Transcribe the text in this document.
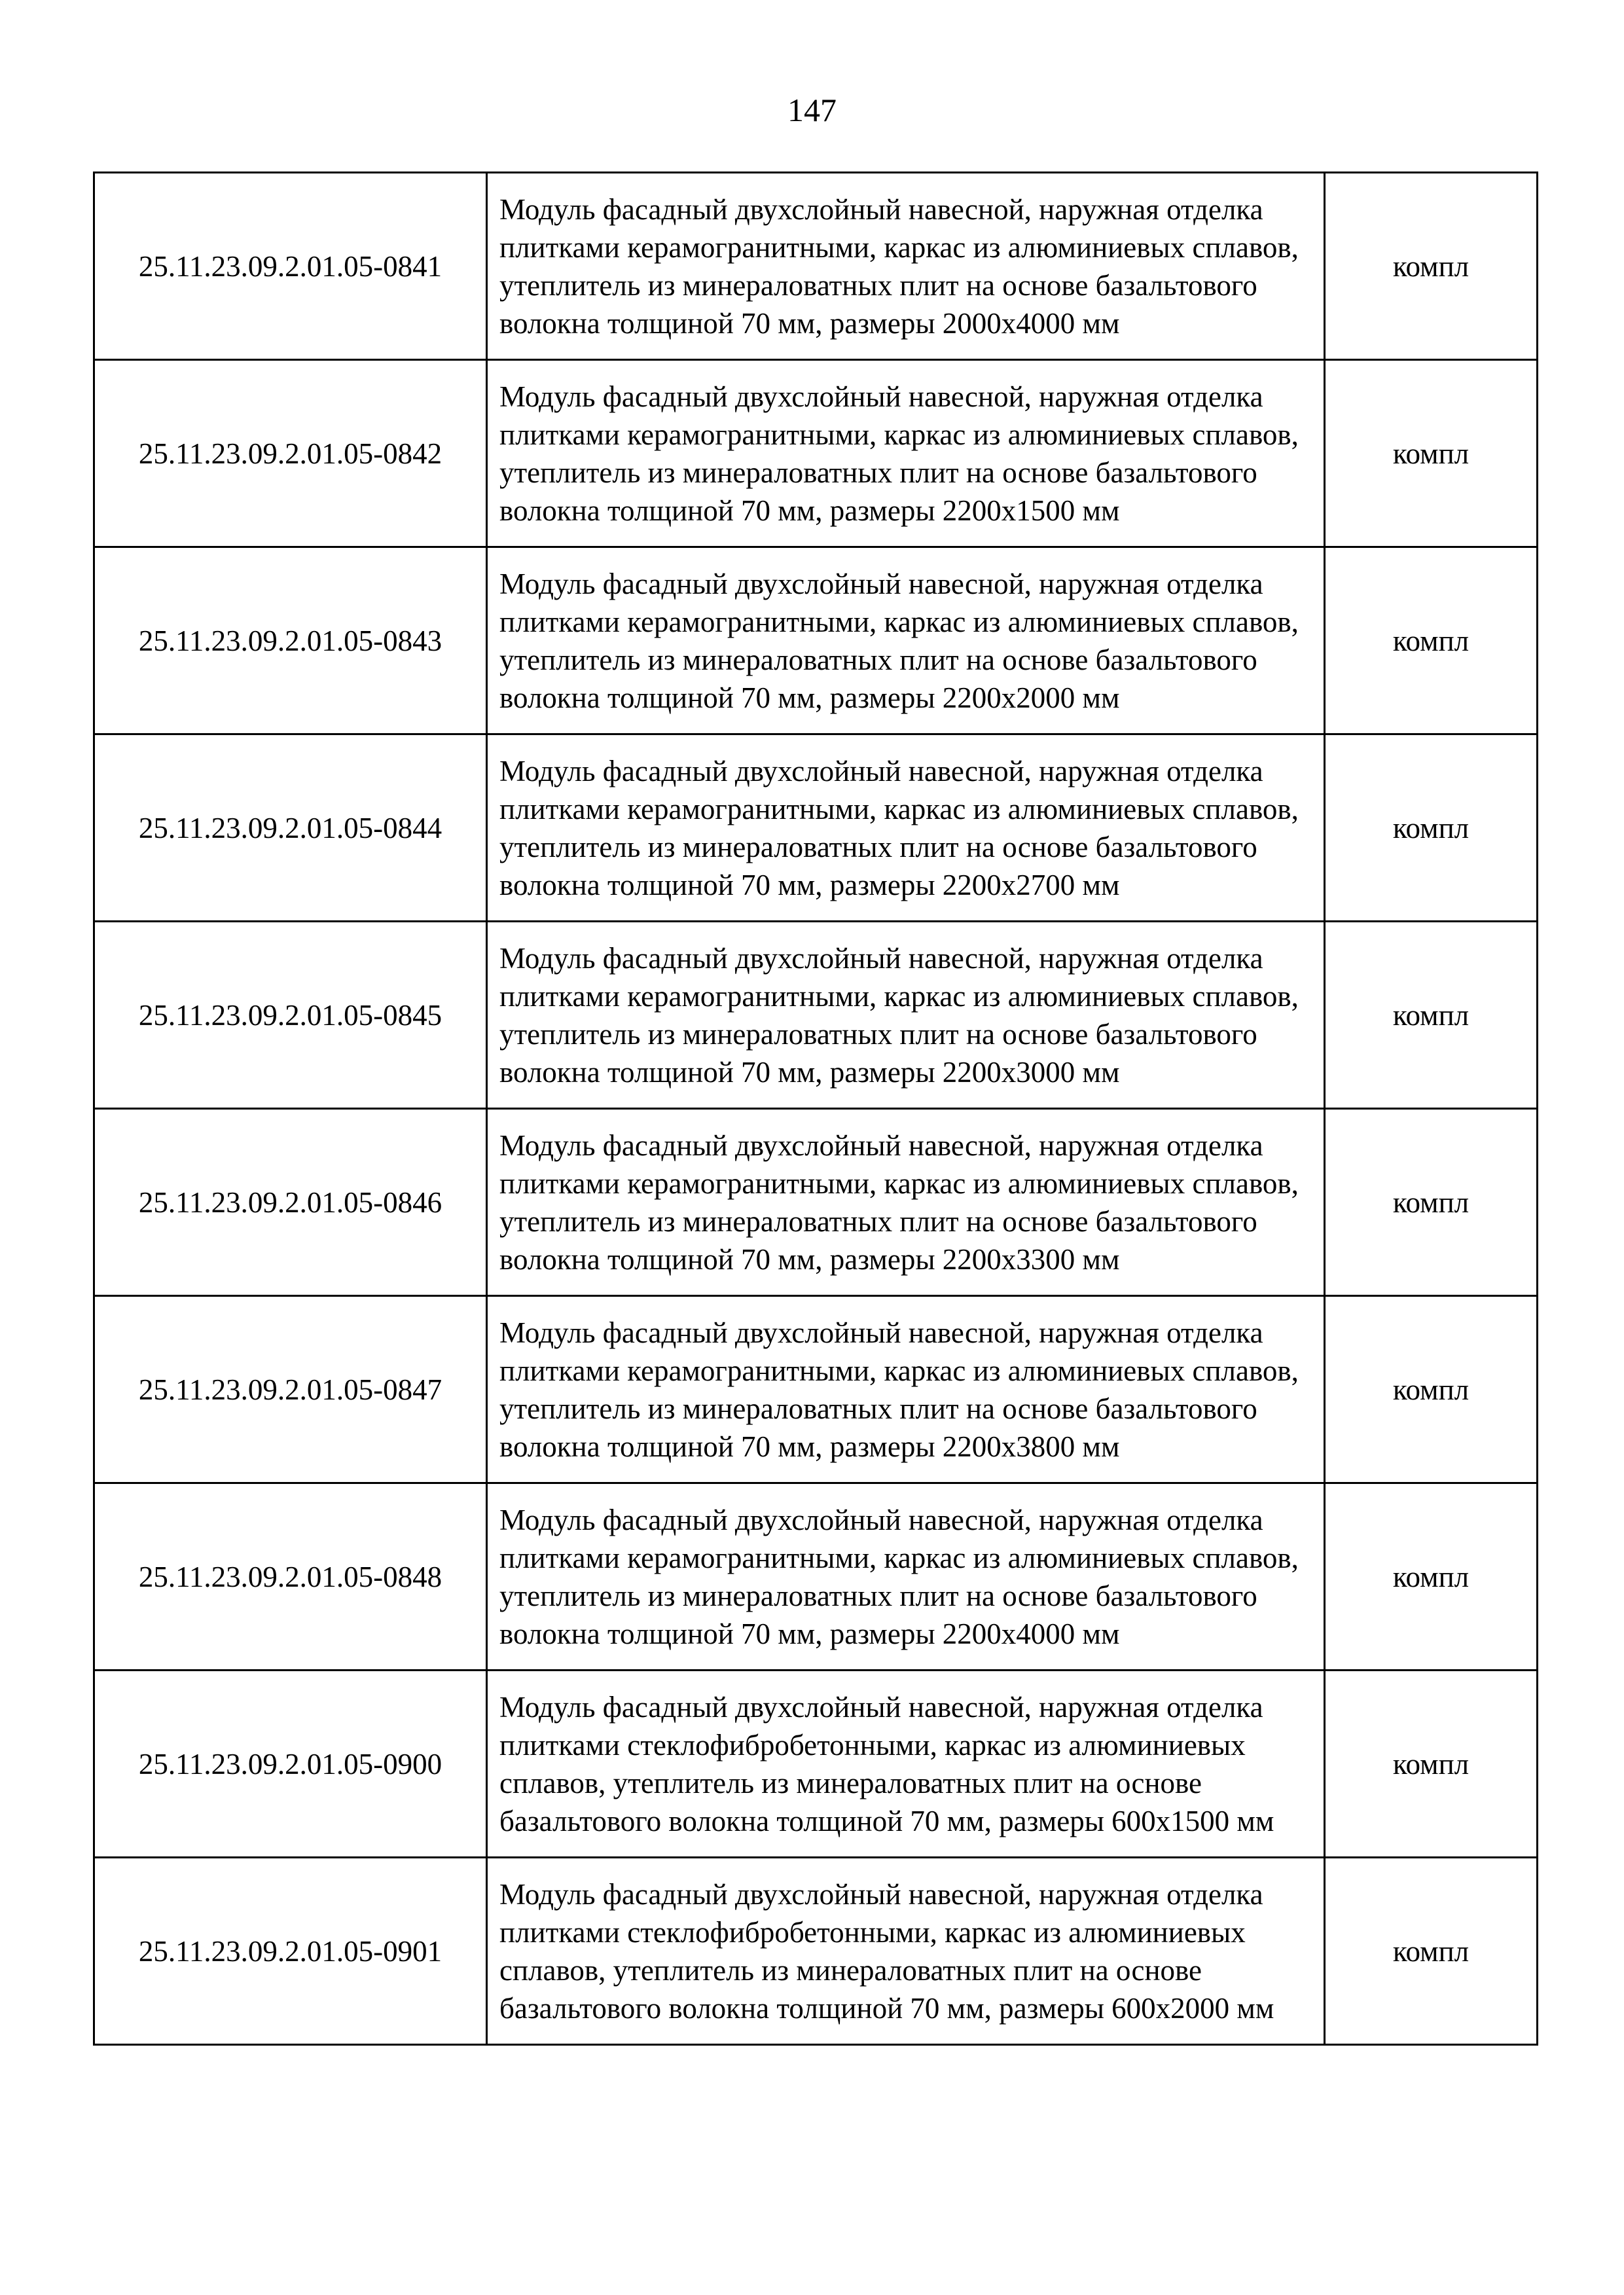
147
25.11.23.09.2.01.05-0841	Модуль фасадный двухслойный навесной, наружная отделка плитками керамогранитными, каркас из алюминиевых сплавов, утеплитель из минераловатных плит на основе базальтового волокна толщиной 70 мм, размеры 2000х4000 мм	компл
25.11.23.09.2.01.05-0842	Модуль фасадный двухслойный навесной, наружная отделка плитками керамогранитными, каркас из алюминиевых сплавов, утеплитель из минераловатных плит на основе базальтового волокна толщиной 70 мм, размеры 2200х1500 мм	компл
25.11.23.09.2.01.05-0843	Модуль фасадный двухслойный навесной, наружная отделка плитками керамогранитными, каркас из алюминиевых сплавов, утеплитель из минераловатных плит на основе базальтового волокна толщиной 70 мм, размеры 2200х2000 мм	компл
25.11.23.09.2.01.05-0844	Модуль фасадный двухслойный навесной, наружная отделка плитками керамогранитными, каркас из алюминиевых сплавов, утеплитель из минераловатных плит на основе базальтового волокна толщиной 70 мм, размеры 2200х2700 мм	компл
25.11.23.09.2.01.05-0845	Модуль фасадный двухслойный навесной, наружная отделка плитками керамогранитными, каркас из алюминиевых сплавов, утеплитель из минераловатных плит на основе базальтового волокна толщиной 70 мм, размеры 2200х3000 мм	компл
25.11.23.09.2.01.05-0846	Модуль фасадный двухслойный навесной, наружная отделка плитками керамогранитными, каркас из алюминиевых сплавов, утеплитель из минераловатных плит на основе базальтового волокна толщиной 70 мм, размеры 2200х3300 мм	компл
25.11.23.09.2.01.05-0847	Модуль фасадный двухслойный навесной, наружная отделка плитками керамогранитными, каркас из алюминиевых сплавов, утеплитель из минераловатных плит на основе базальтового волокна толщиной 70 мм, размеры 2200х3800 мм	компл
25.11.23.09.2.01.05-0848	Модуль фасадный двухслойный навесной, наружная отделка плитками керамогранитными, каркас из алюминиевых сплавов, утеплитель из минераловатных плит на основе базальтового волокна толщиной 70 мм, размеры 2200х4000 мм	компл
25.11.23.09.2.01.05-0900	Модуль фасадный двухслойный навесной, наружная отделка плитками стеклофибробетонными, каркас из алюминиевых сплавов, утеплитель из минераловатных плит на основе базальтового волокна толщиной 70 мм, размеры 600х1500 мм	компл
25.11.23.09.2.01.05-0901	Модуль фасадный двухслойный навесной, наружная отделка плитками стеклофибробетонными, каркас из алюминиевых сплавов, утеплитель из минераловатных плит на основе базальтового волокна толщиной 70 мм, размеры 600х2000 мм	компл
